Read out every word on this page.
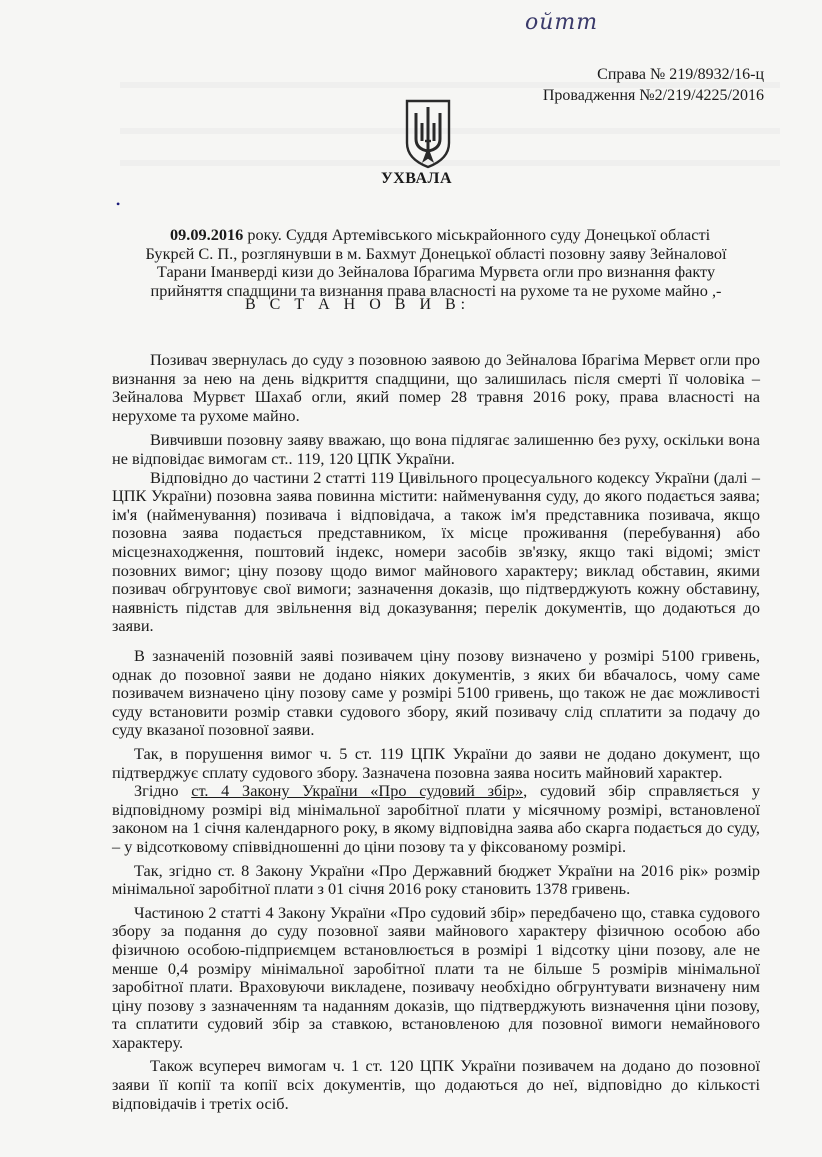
ойтт
Справа № 219/8932/16-ц
Провадження №2/219/4225/2016
УХВАЛА
•

09.09.2016 року. Суддя Артемівського міськрайонного суду Донецької області

Букрєй С. П., розглянувши в м. Бахмут Донецької області позовну заяву Зейналової

Тарани Іманверді кизи до Зейналова Ібрагима Мурвєта огли про визнання факту

прийняття спадщини та визнання права власності на рухоме та не рухоме майно ,-

В С Т А Н О В И В:

Позивач звернулась до суду з позовною заявою до Зейналова Ібрагіма Мервєт огли про визнання за нею на день відкриття спадщини, що залишилась після смерті її чоловіка – Зейналова Мурвєт Шахаб огли, який помер 28 травня 2016 року, права власності на нерухоме та рухоме майно.

Вивчивши позовну заяву вважаю, що вона підлягає залишенню без руху, оскільки вона не відповідає вимогам ст.. 119, 120 ЦПК України.

Відповідно до частини 2 статті 119 Цивільного процесуального кодексу України (далі – ЦПК України) позовна заява повинна містити: найменування суду, до якого подається заява; ім'я (найменування) позивача і відповідача, а також ім'я представника позивача, якщо позовна заява подається представником, їх місце проживання (перебування) або місцезнаходження, поштовий індекс, номери засобів зв'язку, якщо такі відомі; зміст позовних вимог; ціну позову щодо вимог майнового характеру; виклад обставин, якими позивач обгрунтовує свої вимоги; зазначення доказів, що підтверджують кожну обставину, наявність підстав для звільнення від доказування; перелік документів, що додаються до заяви.

В зазначеній позовній заяві позивачем ціну позову визначено у розмірі 5100 гривень, однак до позовної заяви не додано ніяких документів, з яких би вбачалось, чому саме позивачем визначено ціну позову саме у розмірі 5100 гривень, що також не дає можливості суду встановити розмір ставки судового збору, який позивачу слід сплатити за подачу до суду вказаної позовної заяви.

Так, в порушення вимог ч. 5 ст. 119 ЦПК України до заяви не додано документ, що підтверджує сплату судового збору. Зазначена позовна заява носить майновий характер.

Згідно ст. 4 Закону України «Про судовий збір», судовий збір справляється у відповідному розмірі від мінімальної заробітної плати у місячному розмірі, встановленої законом на 1 січня календарного року, в якому відповідна заява або скарга подається до суду, – у відсотковому співвідношенні до ціни позову та у фіксованому розмірі.

Так, згідно ст. 8 Закону України «Про Державний бюджет України на 2016 рік» розмір мінімальної заробітної плати з 01 січня 2016 року становить 1378 гривень.

Частиною 2 статті 4 Закону України «Про судовий збір» передбачено що, ставка судового збору за подання до суду позовної заяви майнового характеру фізичною особою або фізичною особою-підприємцем встановлюється в розмірі 1 відсотку ціни позову, але не менше 0,4 розміру мінімальної заробітної плати та не більше 5 розмірів мінімальної заробітної плати. Враховуючи викладене, позивачу необхідно обгрунтувати визначену ним ціну позову з зазначенням та наданням доказів, що підтверджують визначення ціни позову, та сплатити судовий збір за ставкою, встановленою для позовної вимоги немайнового характеру.

Також всупереч вимогам ч. 1 ст. 120 ЦПК України позивачем на додано до позовної заяви її копії та копії всіх документів, що додаються до неї, відповідно до кількості відповідачів і третіх осіб.
